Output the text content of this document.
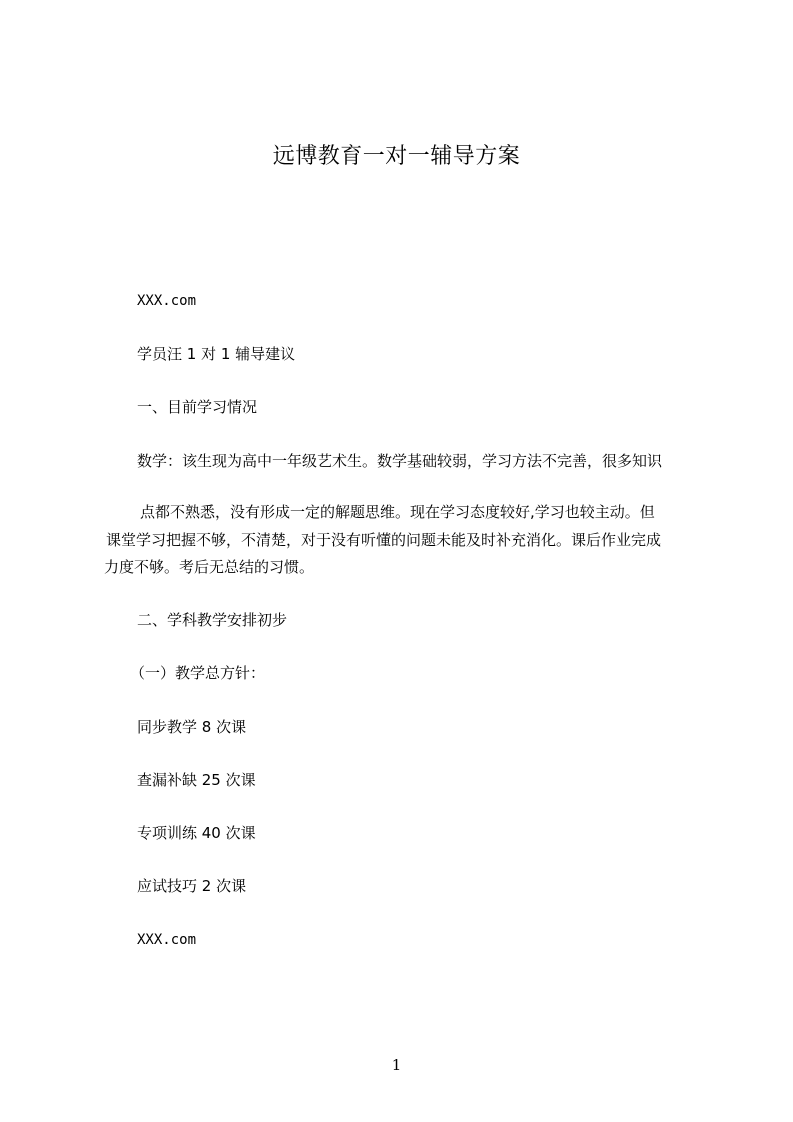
远博教育一对一辅导方案
XXX.com
学员汪 1 对 1 辅导建议
一、目前学习情况
数学：该生现为高中一年级艺术生。数学基础较弱，学习方法不完善，很多知识
点都不熟悉，没有形成一定的解题思维。现在学习态度较好,学习也较主动。但
课堂学习把握不够，不清楚，对于没有听懂的问题未能及时补充消化。课后作业完成
力度不够。考后无总结的习惯。
二、学科教学安排初步
（一）教学总方针：
同步教学 8 次课
查漏补缺 25 次课
专项训练 40 次课
应试技巧 2 次课
XXX.com
1
